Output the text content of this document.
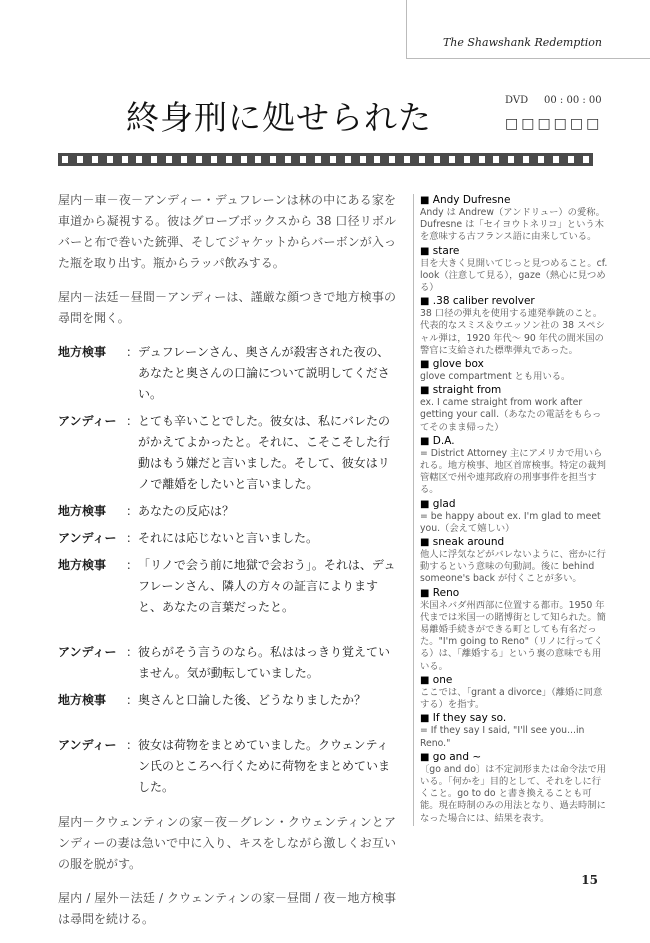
The Shawshank Redemption
終身刑に処せられた	DVD 00 : 00 : 00
□□□□□□

屋内－車－夜－アンディー・デュフレーンは林の中にある家を車道から凝視する。彼はグローブボックスから 38 口径リボルバーと布で巻いた銃弾、そしてジャケットからバーボンが入った瓶を取り出す。瓶からラッパ飲みする。

屋内－法廷－昼間－アンディーは、謹厳な顔つきで地方検事の尋問を聞く。

地方検事	： デュフレーンさん、奥さんが殺害された夜の、あなたと奥さんの口論について説明してください。
アンディー ： とても辛いことでした。彼女は、私にバレたのがかえてよかったと。それに、こそこそした行動はもう嫌だと言いました。そして、彼女はリノで離婚をしたいと言いました。
地方検事	： あなたの反応は？
アンディー ： それには応じないと言いました。
地方検事	： 「リノで会う前に地獄で会おう」。それは、デュフレーンさん、隣人の方々の証言によりますと、あなたの言葉だったと。
アンディー ： 彼らがそう言うのなら。私ははっきり覚えていません。気が動転していました。
地方検事	： 奥さんと口論した後、どうなりましたか？
アンディー ： 彼女は荷物をまとめていました。クウェンティン氏のところへ行くために荷物をまとめていました。

屋内－クウェンティンの家－夜－グレン・クウェンティンとアンディーの妻は急いで中に入り、キスをしながら激しくお互いの服を脱がす。

屋内 / 屋外－法廷 / クウェンティンの家－昼間 / 夜－地方検事は尋問を続ける。

■ Andy Dufresne
Andy は Andrew（アンドリュー）の愛称。Dufresne は「セイヨウトネリコ」という木を意味する古フランス語に由来している。
■ stare
目を大きく見開いてじっと見つめること。cf. look（注意して見る），gaze（熱心に見つめる）
■ .38 caliber revolver
38 口径の弾丸を使用する連発拳銃のこと。代表的なスミス＆ウエッソン社の 38 スペシャル弾は，1920 年代～ 90 年代の間米国の警官に支給された標準弾丸であった。
■ glove box
glove compartment とも用いる。
■ straight from
ex. I came straight from work after getting your call.（あなたの電話をもらってそのまま帰った）
■ D.A.
= District Attorney 主にアメリカで用いられる。地方検事、地区首席検事。特定の裁判管轄区で州や連邦政府の刑事事件を担当する。
■ glad
= be happy about ex. I'm glad to meet you.（会えて嬉しい）
■ sneak around
他人に浮気などがバレないように、密かに行動するという意味の句動詞。後に behind someone's back が付くことが多い。
■ Reno
米国ネバダ州西部に位置する都市。1950 年代までは米国一の賭博街として知られた。簡易離婚手続きができる町としても有名だった。"I'm going to Reno"（リノに行ってくる）は、「離婚する」という裏の意味でも用いる。
■ one
ここでは、「grant a divorce」（離婚に同意する）を指す。
■ If they say so.
= If they say I said, "I'll see you...in Reno."
■ go and ~
〔go and do〕は不定詞形または命令法で用いる。「何かを」目的として、それをしに行くこと。go to do と書き換えることも可能。現在時制のみの用法となり、過去時制になった場合には、結果を表す。
15
